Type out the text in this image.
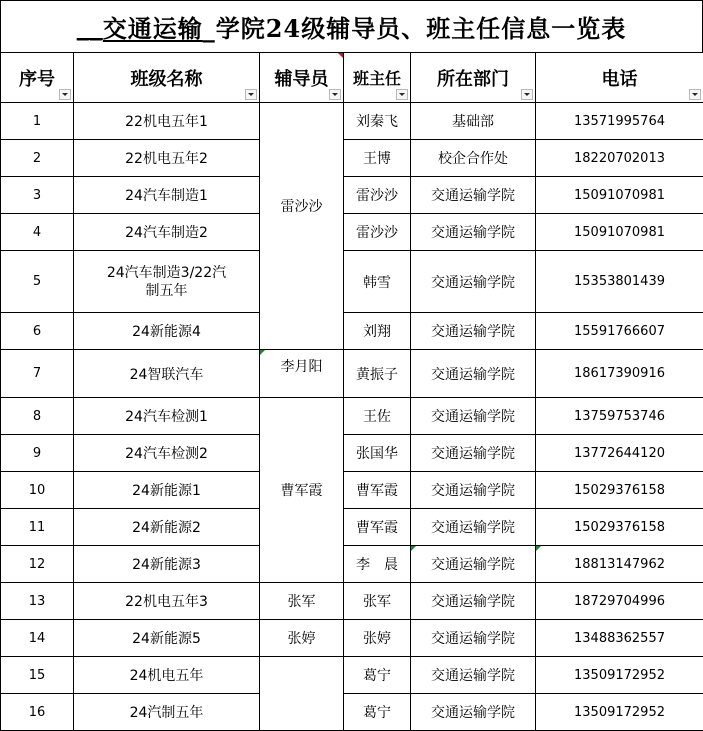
__ 交通运输 _学院24级辅导员、班主任信息一览表
序号	班级名称	辅导员	班主任	所在部门	电话

1	22机电五年1	雷沙沙	刘秦飞	基础部	13571995764
2	22机电五年2		王博	校企合作处	18220702013
3	24汽车制造1		雷沙沙	交通运输学院	15091070981
4	24汽车制造2		雷沙沙	交通运输学院	15091070981
5	24汽车制造3/22汽
制五年		韩雪	交通运输学院	15353801439
6	24新能源4		刘翔	交通运输学院	15591766607
7	24智联汽车	李月阳	黄振子	交通运输学院	18617390916
8	24汽车检测1	曹军霞	王佐	交通运输学院	13759753746
9	24汽车检测2		张国华	交通运输学院	13772644120
10	24新能源1		曹军霞	交通运输学院	15029376158
11	24新能源2		曹军霞	交通运输学院	15029376158
12	24新能源3		李　晨	交通运输学院	18813147962
13	22机电五年3	张军	张军	交通运输学院	18729704996
14	24新能源5	张婷	张婷	交通运输学院	13488362557
15	24机电五年		葛宁	交通运输学院	13509172952
16	24汽制五年		葛宁	交通运输学院	13509172952
